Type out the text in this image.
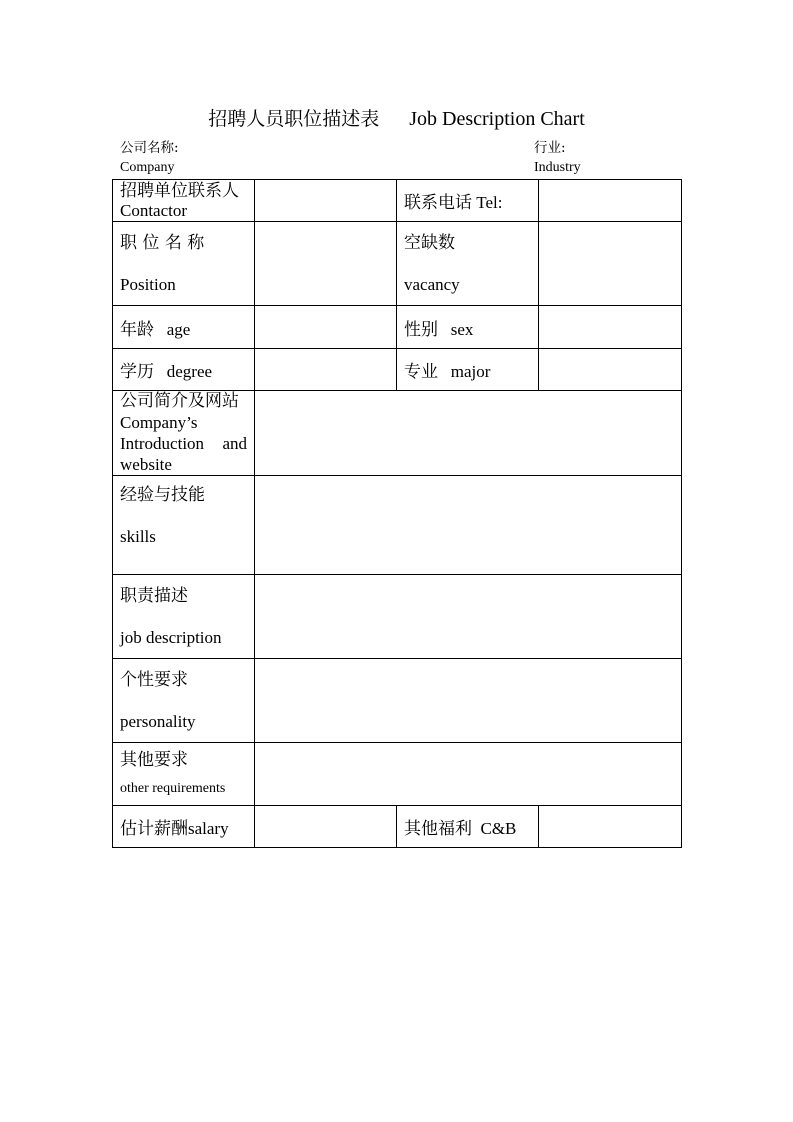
招聘人员职位描述表 Job Description Chart
公司名称:
Company
行业:
Industry
招聘单位联系人
Contactor		联系电话 Tel:	

职 位 名 称
Position		空缺数
vacancy	

年龄 age		性别 sex	
学历 degree		专业 major	

公司简介及网站
Company’s
Introduction and
website			

经验与技能
skills			

职责描述
job description			

个性要求
personality			

其他要求
other requirements			

估计薪酬salary		其他福利 C&B	
